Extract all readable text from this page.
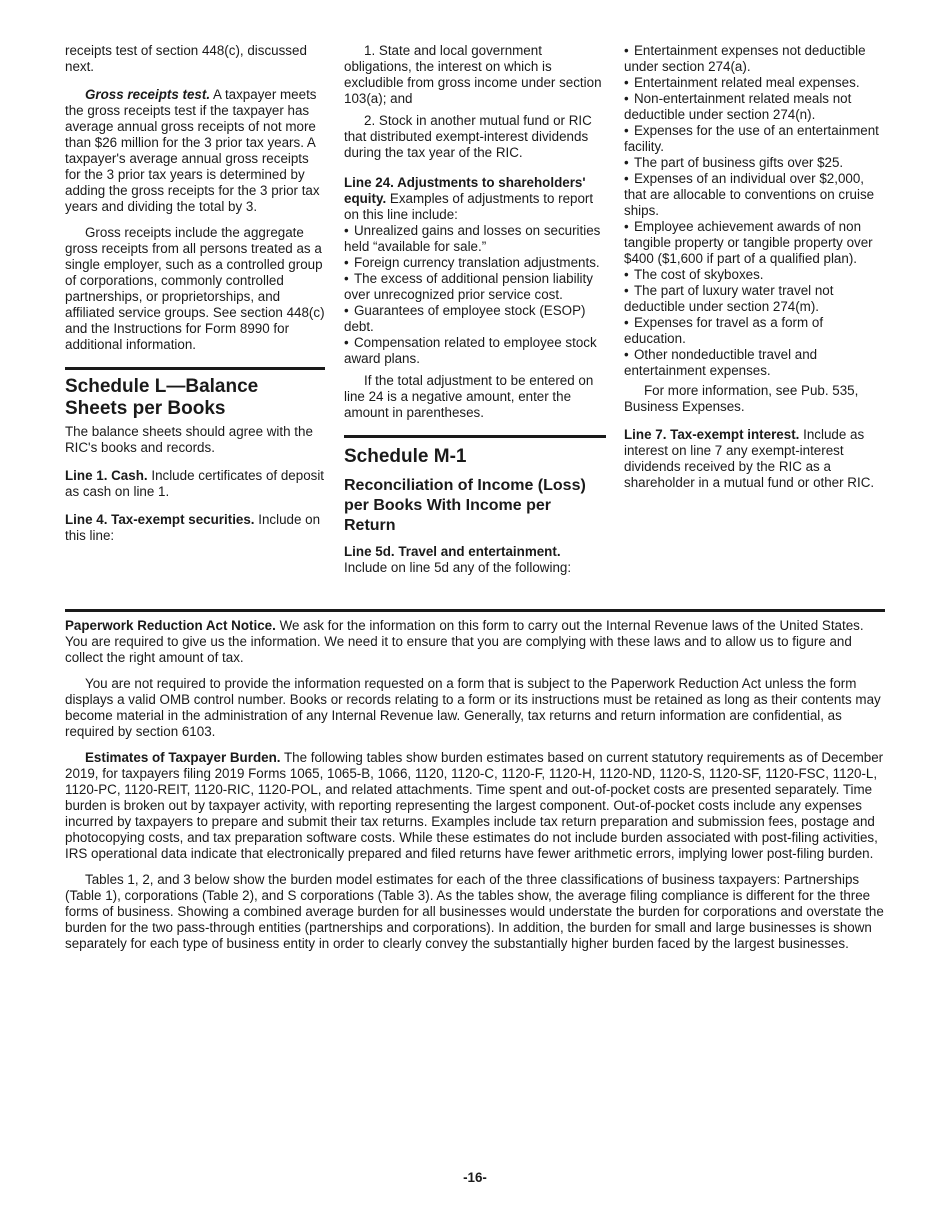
receipts test of section 448(c), discussed next.

Gross receipts test. A taxpayer meets the gross receipts test if the taxpayer has average annual gross receipts of not more than $26 million for the 3 prior tax years. A taxpayer's average annual gross receipts for the 3 prior tax years is determined by adding the gross receipts for the 3 prior tax years and dividing the total by 3.

Gross receipts include the aggregate gross receipts from all persons treated as a single employer, such as a controlled group of corporations, commonly controlled partnerships, or proprietorships, and affiliated service groups. See section 448(c) and the Instructions for Form 8990 for additional information.

Schedule L—Balance Sheets per Books

The balance sheets should agree with the RIC's books and records.

Line 1. Cash. Include certificates of deposit as cash on line 1.

Line 4. Tax-exempt securities. Include on this line:

1. State and local government obligations, the interest on which is excludible from gross income under section 103(a); and

2. Stock in another mutual fund or RIC that distributed exempt-interest dividends during the tax year of the RIC.

Line 24. Adjustments to shareholders' equity. Examples of adjustments to report on this line include:

• Unrealized gains and losses on securities held “available for sale.”

• Foreign currency translation adjustments.

• The excess of additional pension liability over unrecognized prior service cost.

• Guarantees of employee stock (ESOP) debt.

• Compensation related to employee stock award plans.

If the total adjustment to be entered on line 24 is a negative amount, enter the amount in parentheses.

Schedule M-1

Reconciliation of Income (Loss) per Books With Income per Return

Line 5d. Travel and entertainment. Include on line 5d any of the following:

• Entertainment expenses not deductible under section 274(a).

• Entertainment related meal expenses.

• Non-entertainment related meals not deductible under section 274(n).

• Expenses for the use of an entertainment facility.

• The part of business gifts over $25.

• Expenses of an individual over $2,000, that are allocable to conventions on cruise ships.

• Employee achievement awards of non tangible property or tangible property over $400 ($1,600 if part of a qualified plan).

• The cost of skyboxes.

• The part of luxury water travel not deductible under section 274(m).

• Expenses for travel as a form of education.

• Other nondeductible travel and entertainment expenses.

For more information, see Pub. 535, Business Expenses.

Line 7. Tax-exempt interest. Include as interest on line 7 any exempt-interest dividends received by the RIC as a shareholder in a mutual fund or other RIC.

Paperwork Reduction Act Notice. We ask for the information on this form to carry out the Internal Revenue laws of the United States. You are required to give us the information. We need it to ensure that you are complying with these laws and to allow us to figure and collect the right amount of tax.

You are not required to provide the information requested on a form that is subject to the Paperwork Reduction Act unless the form displays a valid OMB control number. Books or records relating to a form or its instructions must be retained as long as their contents may become material in the administration of any Internal Revenue law. Generally, tax returns and return information are confidential, as required by section 6103.

Estimates of Taxpayer Burden. The following tables show burden estimates based on current statutory requirements as of December 2019, for taxpayers filing 2019 Forms 1065, 1065-B, 1066, 1120, 1120-C, 1120-F, 1120-H, 1120-ND, 1120-S, 1120-SF, 1120-FSC, 1120-L, 1120-PC, 1120-REIT, 1120-RIC, 1120-POL, and related attachments. Time spent and out-of-pocket costs are presented separately. Time burden is broken out by taxpayer activity, with reporting representing the largest component. Out-of-pocket costs include any expenses incurred by taxpayers to prepare and submit their tax returns. Examples include tax return preparation and submission fees, postage and photocopying costs, and tax preparation software costs. While these estimates do not include burden associated with post-filing activities, IRS operational data indicate that electronically prepared and filed returns have fewer arithmetic errors, implying lower post-filing burden.

Tables 1, 2, and 3 below show the burden model estimates for each of the three classifications of business taxpayers: Partnerships (Table 1), corporations (Table 2), and S corporations (Table 3). As the tables show, the average filing compliance is different for the three forms of business. Showing a combined average burden for all businesses would understate the burden for corporations and overstate the burden for the two pass-through entities (partnerships and corporations). In addition, the burden for small and large businesses is shown separately for each type of business entity in order to clearly convey the substantially higher burden faced by the largest businesses.

-16-
